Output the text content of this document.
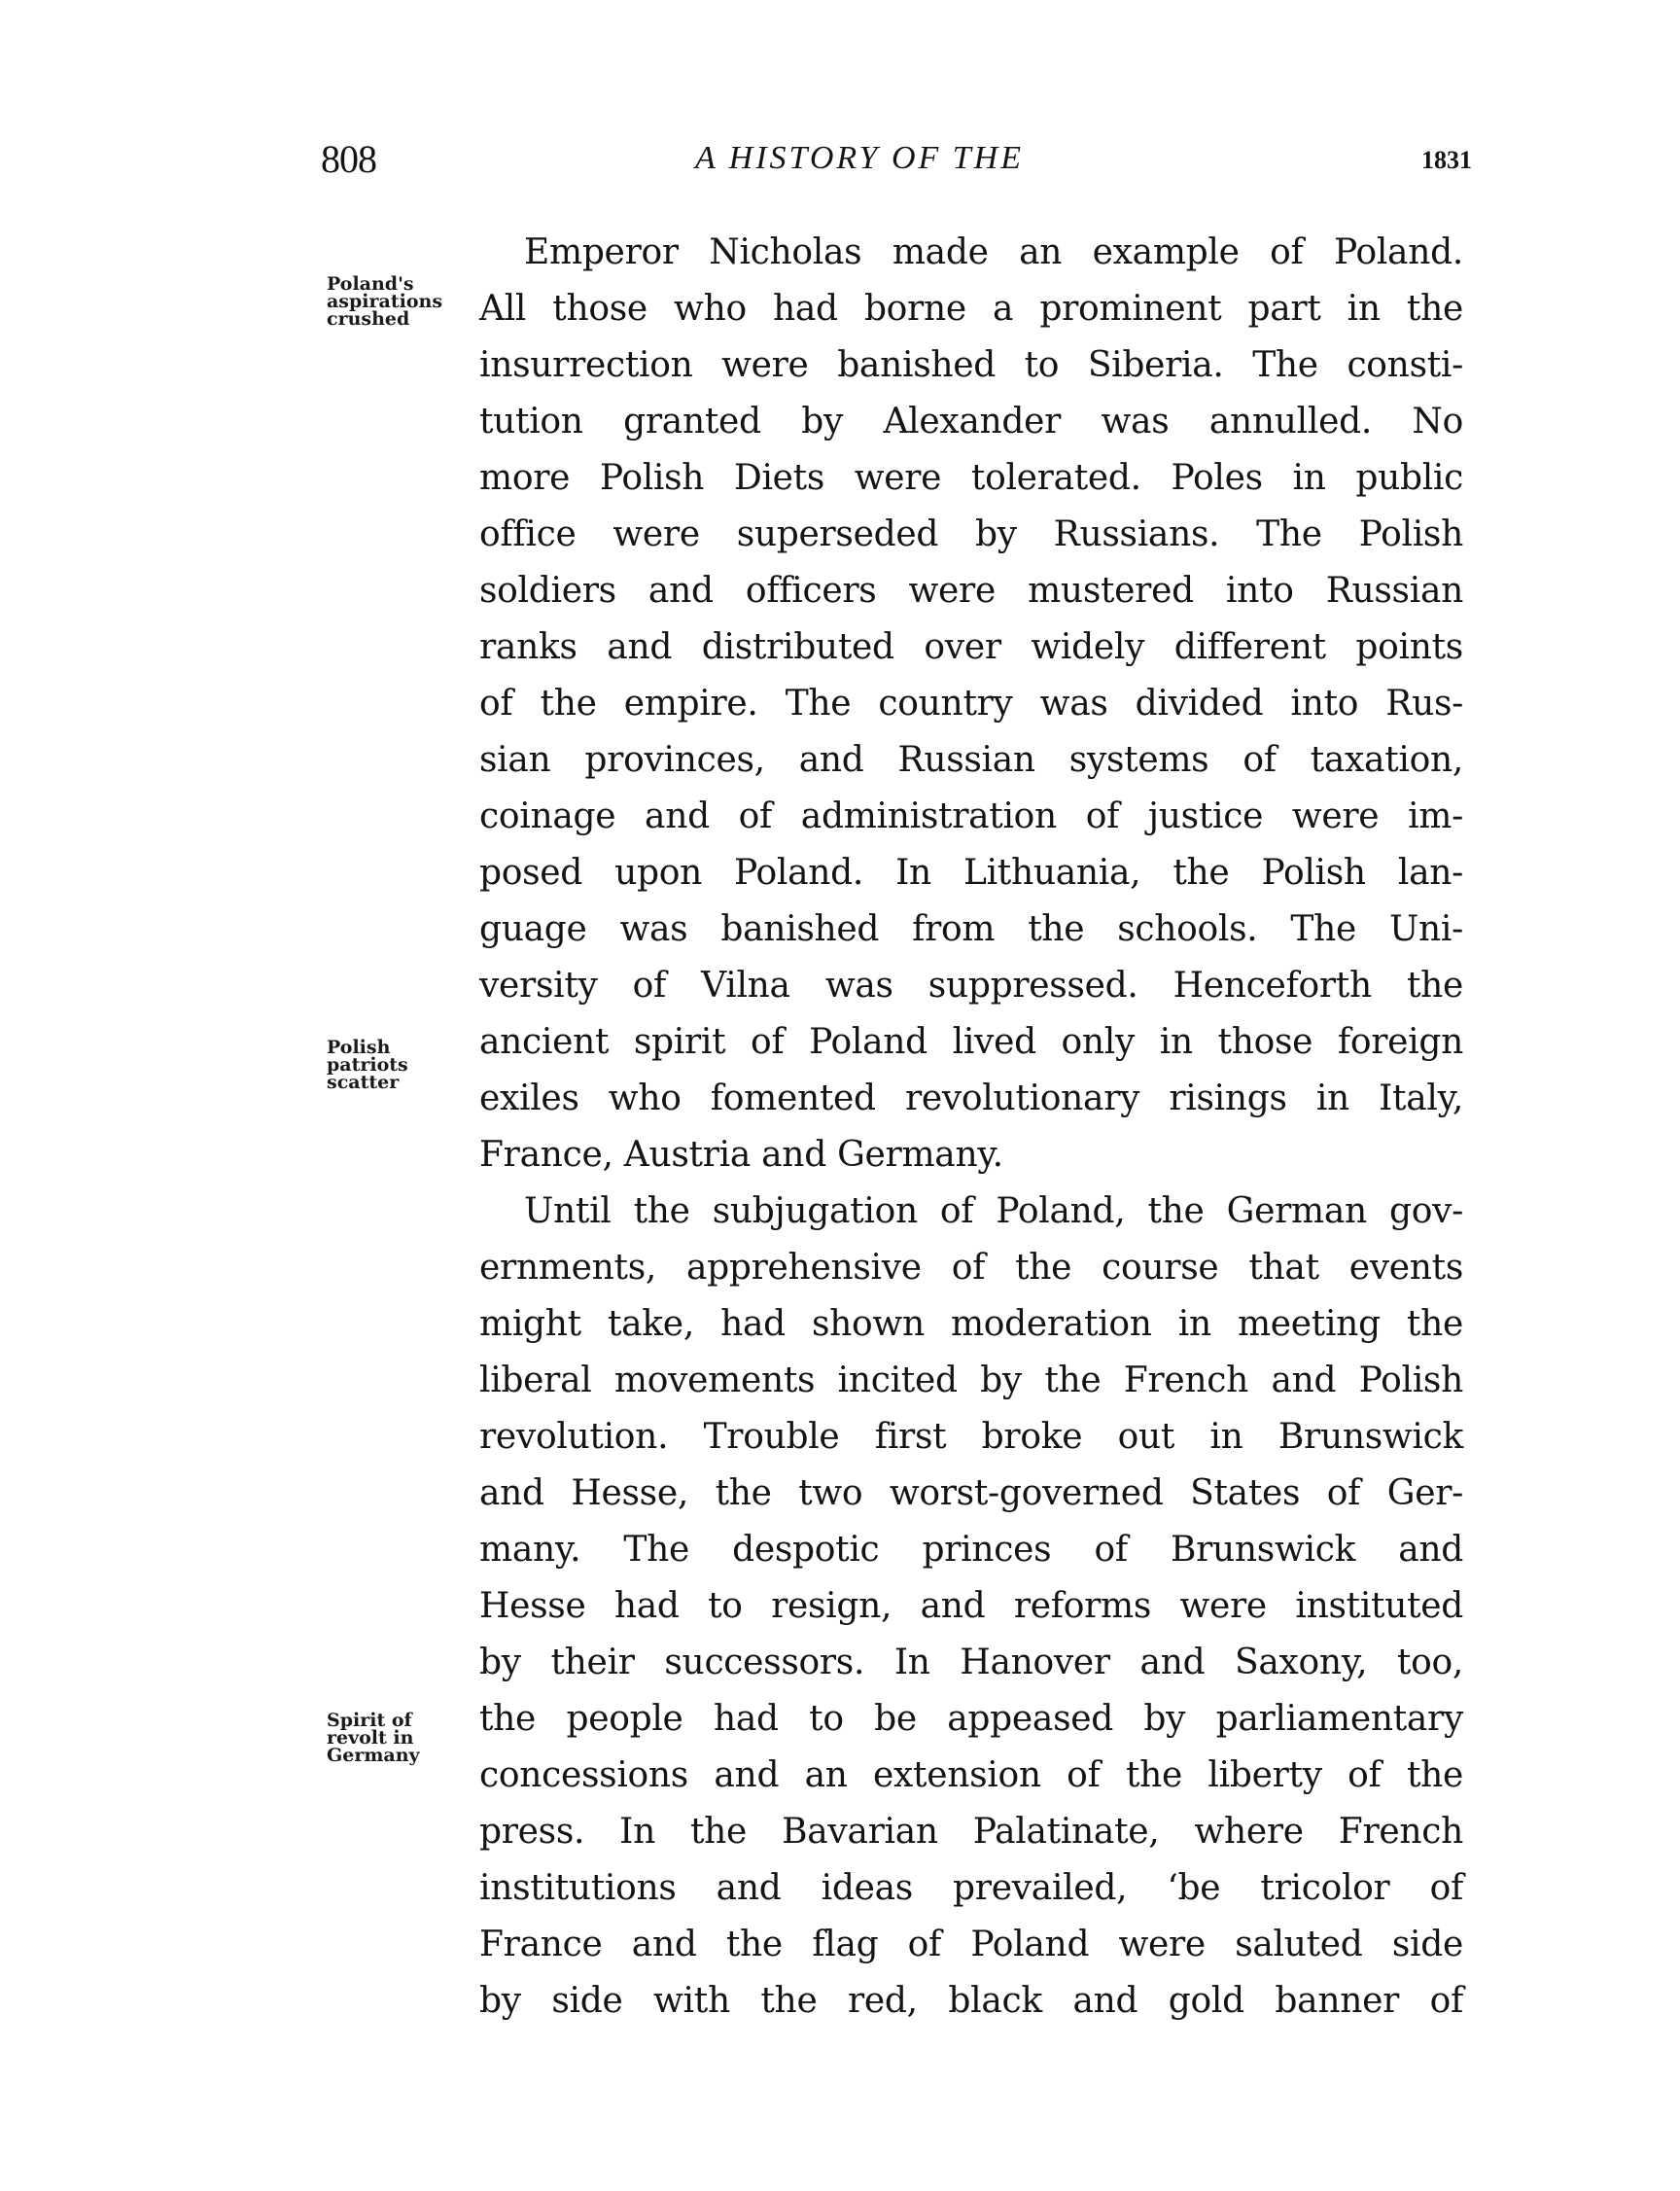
808	A HISTORY OF THE	1831
Poland's
aspirations
crushed
Polish
patriots
scatter
Spirit of
revolt in
Germany
Emperor Nicholas made an example of Poland.
All those who had borne a prominent part in the
insurrection were banished to Siberia. The consti-
tution granted by Alexander was annulled. No
more Polish Diets were tolerated. Poles in public
office were superseded by Russians. The Polish
soldiers and officers were mustered into Russian
ranks and distributed over widely different points
of the empire. The country was divided into Rus-
sian provinces, and Russian systems of taxation,
coinage and of administration of justice were im-
posed upon Poland. In Lithuania, the Polish lan-
guage was banished from the schools. The Uni-
versity of Vilna was suppressed. Henceforth the
ancient spirit of Poland lived only in those foreign
exiles who fomented revolutionary risings in Italy,
France, Austria and Germany.
Until the subjugation of Poland, the German gov-
ernments, apprehensive of the course that events
might take, had shown moderation in meeting the
liberal movements incited by the French and Polish
revolution. Trouble first broke out in Brunswick
and Hesse, the two worst-governed States of Ger-
many. The despotic princes of Brunswick and
Hesse had to resign, and reforms were instituted
by their successors. In Hanover and Saxony, too,
the people had to be appeased by parliamentary
concessions and an extension of the liberty of the
press. In the Bavarian Palatinate, where French
institutions and ideas prevailed, ʻbe tricolor of
France and the flag of Poland were saluted side
by side with the red, black and gold banner of
